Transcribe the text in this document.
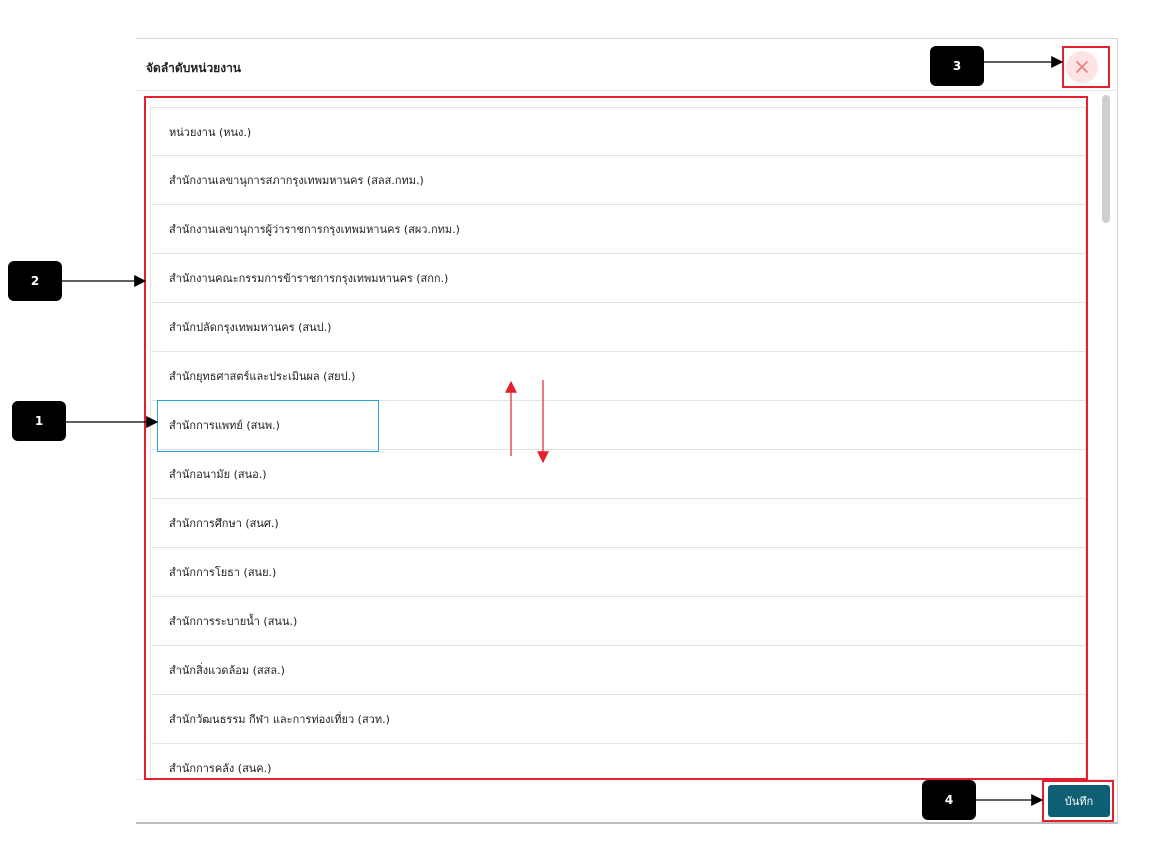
จัดลำดับหน่วยงาน
หน่วยงาน (หนง.)
สำนักงานเลขานุการสภากรุงเทพมหานคร (สลส.กทม.)
สำนักงานเลขานุการผู้ว่าราชการกรุงเทพมหานคร (สผว.กทม.)
สำนักงานคณะกรรมการข้าราชการกรุงเทพมหานคร (สกก.)
สำนักปลัดกรุงเทพมหานคร (สนป.)
สำนักยุทธศาสตร์และประเมินผล (สยป.)
สำนักการแพทย์ (สนพ.)
สำนักอนามัย (สนอ.)
สำนักการศึกษา (สนศ.)
สำนักการโยธา (สนย.)
สำนักการระบายน้ำ (สนน.)
สำนักสิ่งแวดล้อม (สสล.)
สำนักวัฒนธรรม กีฬา และการท่องเที่ยว (สวท.)
สำนักการคลัง (สนค.)
บันทึก
1
2
3
4
